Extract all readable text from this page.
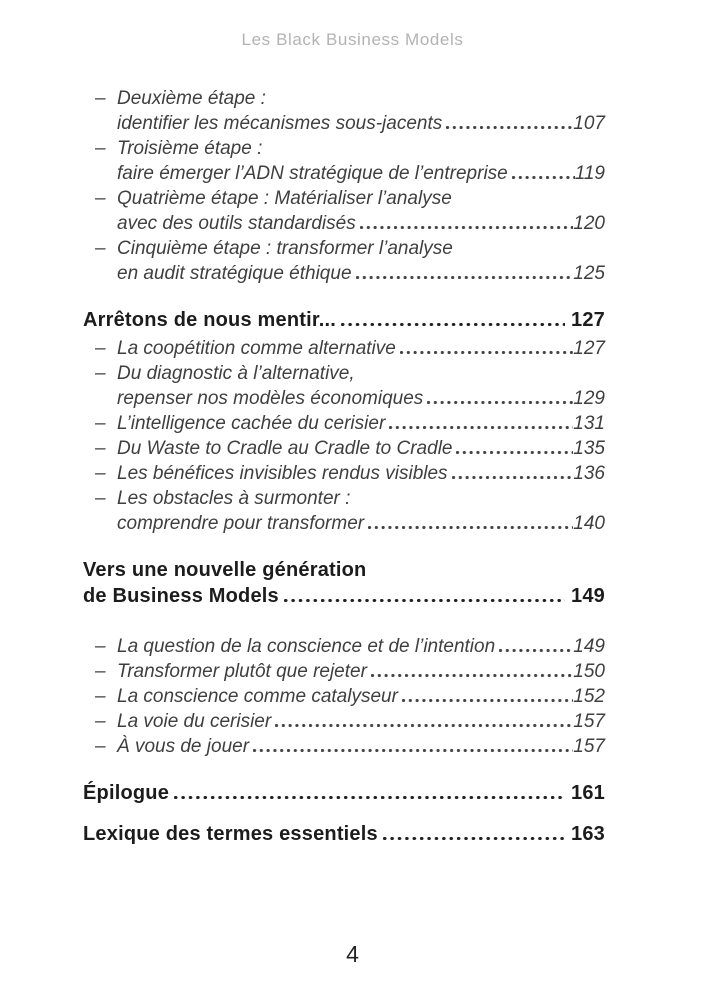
Les Black Business Models
– Deuxième étape :
identifier les mécanismes sous-jacents	107
– Troisième étape :
faire émerger l’ADN stratégique de l’entreprise	119
– Quatrième étape : Matérialiser l’analyse
avec des outils standardisés	120
– Cinquième étape : transformer l’analyse
en audit stratégique éthique	125
Arrêtons de nous mentir...	127
– La coopétition comme alternative	127
– Du diagnostic à l’alternative,
repenser nos modèles économiques	129
– L’intelligence cachée du cerisier	131
– Du Waste to Cradle au Cradle to Cradle	135
– Les bénéfices invisibles rendus visibles	136
– Les obstacles à surmonter :
comprendre pour transformer	140
Vers une nouvelle génération
de Business Models	149
– La question de la conscience et de l’intention	149
– Transformer plutôt que rejeter	150
– La conscience comme catalyseur	152
– La voie du cerisier	157
– À vous de jouer	157
Épilogue	161
Lexique des termes essentiels	163
4
